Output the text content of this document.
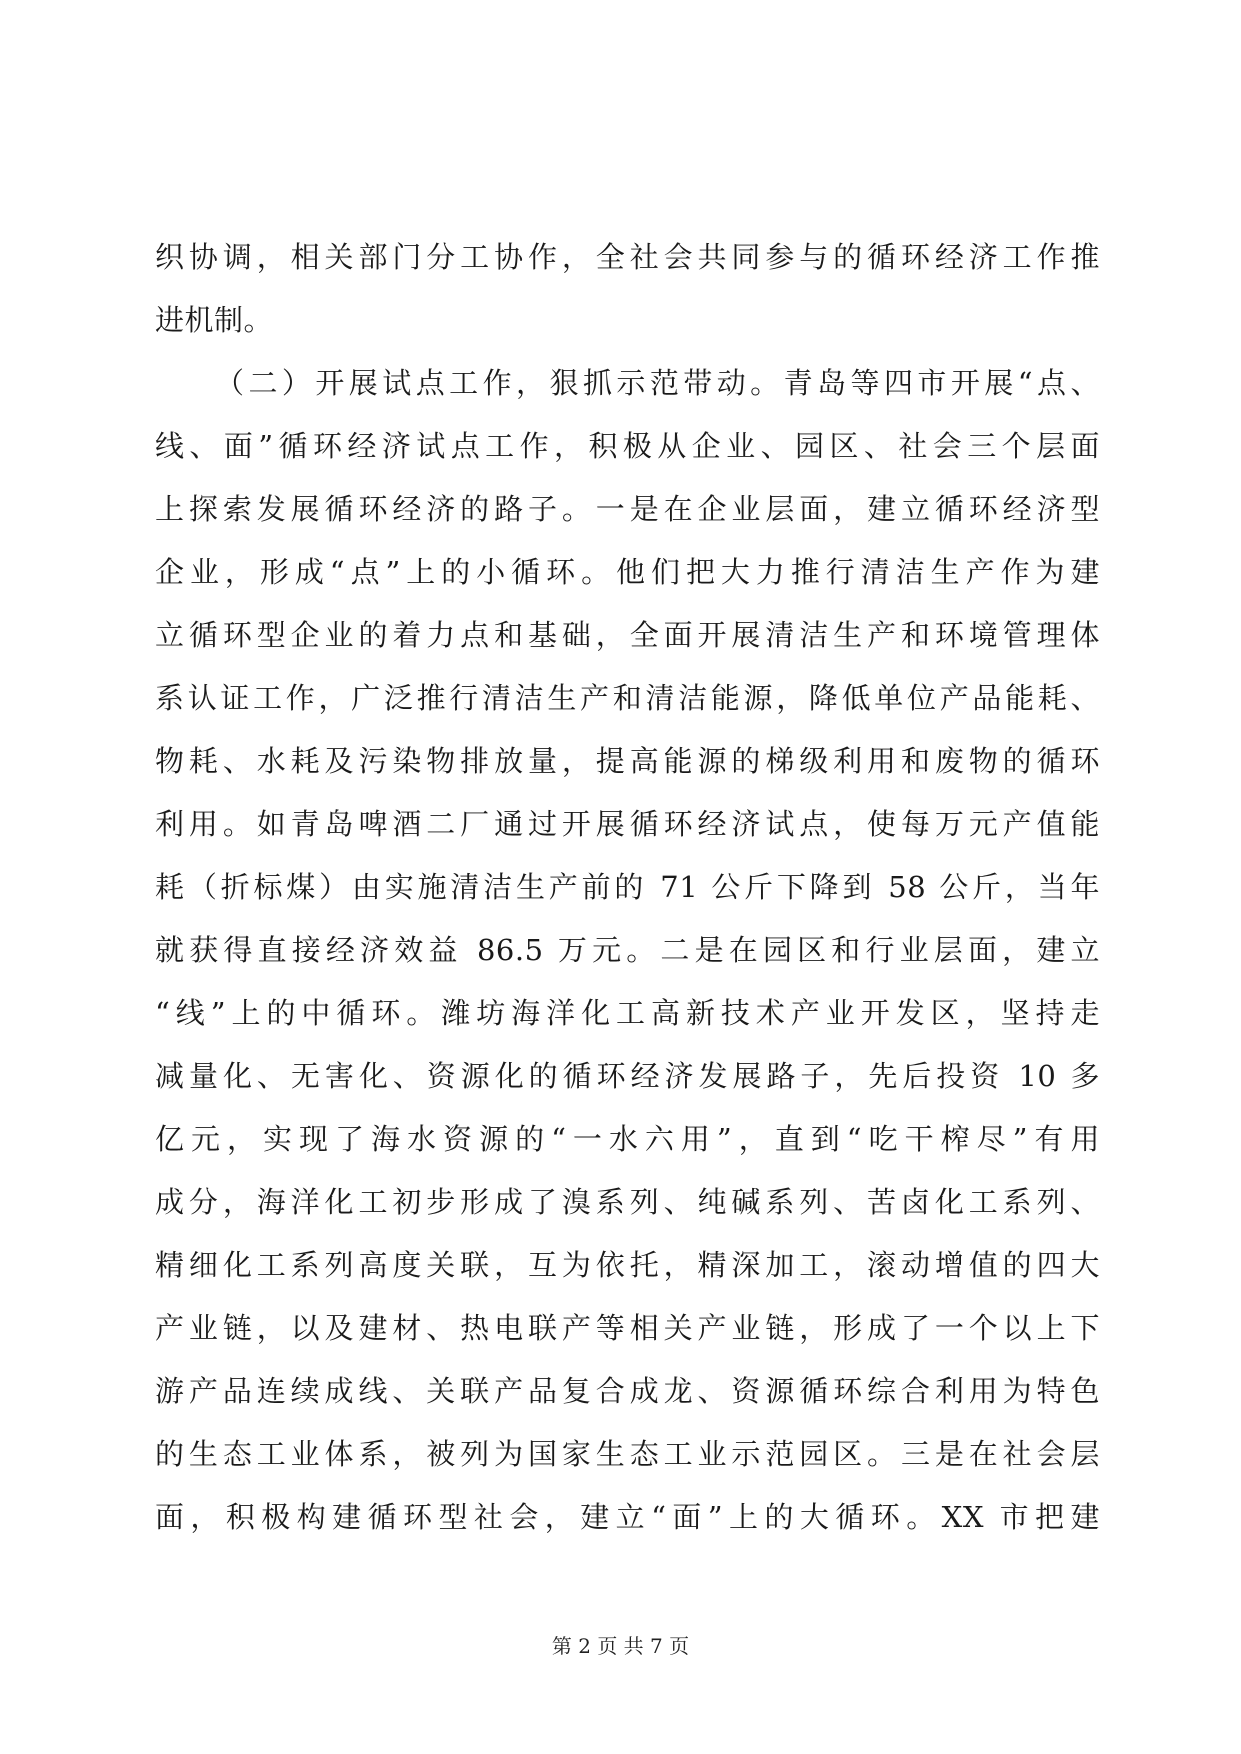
织协调，相关部门分工协作，全社会共同参与的循环经济工作推
进机制。
（二）开展试点工作，狠抓示范带动。青岛等四市开展“点、
线、面”循环经济试点工作，积极从企业、园区、社会三个层面
上探索发展循环经济的路子。一是在企业层面，建立循环经济型
企业，形成“点”上的小循环。他们把大力推行清洁生产作为建
立循环型企业的着力点和基础，全面开展清洁生产和环境管理体
系认证工作，广泛推行清洁生产和清洁能源，降低单位产品能耗、
物耗、水耗及污染物排放量，提高能源的梯级利用和废物的循环
利用。如青岛啤酒二厂通过开展循环经济试点，使每万元产值能
耗（折标煤）由实施清洁生产前的 71 公斤下降到 58 公斤，当年
就获得直接经济效益 86.5 万元。二是在园区和行业层面，建立
“线”上的中循环。潍坊海洋化工高新技术产业开发区，坚持走
减量化、无害化、资源化的循环经济发展路子，先后投资 10 多
亿元，实现了海水资源的“一水六用”，直到“吃干榨尽”有用
成分，海洋化工初步形成了溴系列、纯碱系列、苦卤化工系列、
精细化工系列高度关联，互为依托，精深加工，滚动增值的四大
产业链，以及建材、热电联产等相关产业链，形成了一个以上下
游产品连续成线、关联产品复合成龙、资源循环综合利用为特色
的生态工业体系，被列为国家生态工业示范园区。三是在社会层
面，积极构建循环型社会，建立“面”上的大循环。XX 市把建
第 2 页 共 7 页
